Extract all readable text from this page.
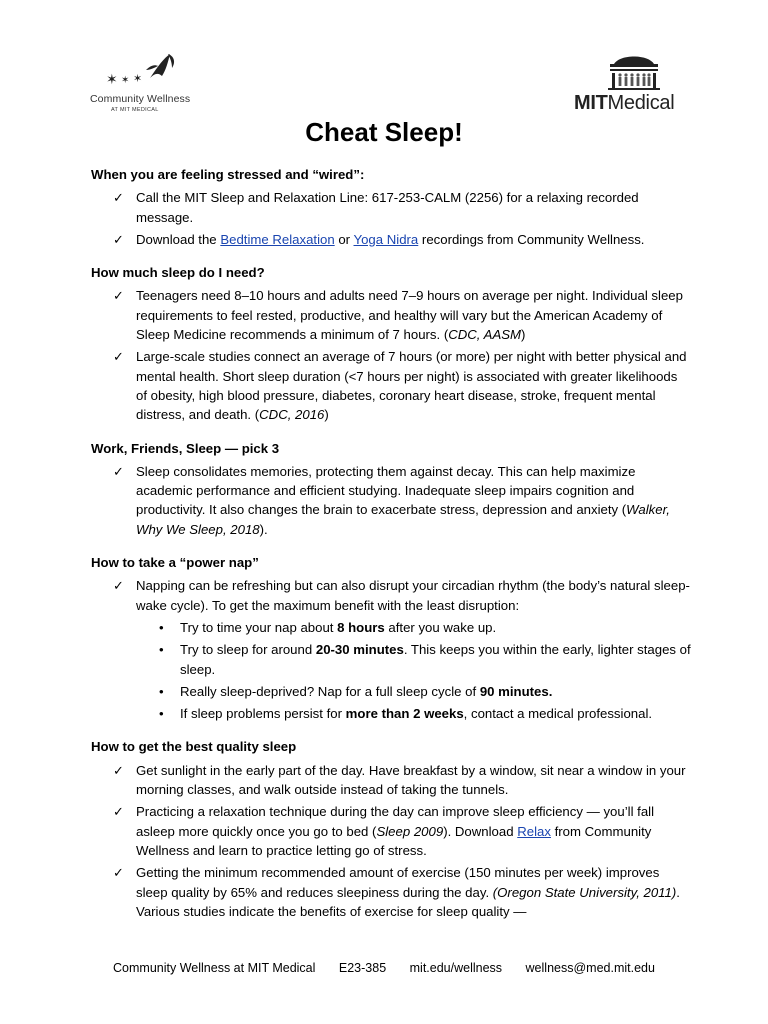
✶ ✶ ✶
Community Wellness
AT MIT MEDICAL	MITMedical
Cheat Sleep!
When you are feeling stressed and “wired”:
✓ Call the MIT Sleep and Relaxation Line: 617-253-CALM (2256) for a relaxing recorded message.
✓ Download the Bedtime Relaxation or Yoga Nidra recordings from Community Wellness.
How much sleep do I need?
✓ Teenagers need 8–10 hours and adults need 7–9 hours on average per night. Individual sleep requirements to feel rested, productive, and healthy will vary but the American Academy of Sleep Medicine recommends a minimum of 7 hours. (CDC, AASM)
✓ Large-scale studies connect an average of 7 hours (or more) per night with better physical and mental health. Short sleep duration (<7 hours per night) is associated with greater likelihoods of obesity, high blood pressure, diabetes, coronary heart disease, stroke, frequent mental distress, and death. (CDC, 2016)
Work, Friends, Sleep — pick 3
✓ Sleep consolidates memories, protecting them against decay. This can help maximize academic performance and efficient studying. Inadequate sleep impairs cognition and productivity. It also changes the brain to exacerbate stress, depression and anxiety (Walker, Why We Sleep, 2018).
How to take a “power nap”
✓ Napping can be refreshing but can also disrupt your circadian rhythm (the body’s natural sleep-wake cycle). To get the maximum benefit with the least disruption:
• Try to time your nap about 8 hours after you wake up.
• Try to sleep for around 20-30 minutes. This keeps you within the early, lighter stages of sleep.
• Really sleep-deprived? Nap for a full sleep cycle of 90 minutes.
• If sleep problems persist for more than 2 weeks, contact a medical professional.
How to get the best quality sleep
✓ Get sunlight in the early part of the day. Have breakfast by a window, sit near a window in your morning classes, and walk outside instead of taking the tunnels.
✓ Practicing a relaxation technique during the day can improve sleep efficiency — you’ll fall asleep more quickly once you go to bed (Sleep 2009). Download Relax from Community Wellness and learn to practice letting go of stress.
✓ Getting the minimum recommended amount of exercise (150 minutes per week) improves sleep quality by 65% and reduces sleepiness during the day. (Oregon State University, 2011). Various studies indicate the benefits of exercise for sleep quality —
Community Wellness at MIT Medical E23-385 mit.edu/wellness wellness@med.mit.edu
